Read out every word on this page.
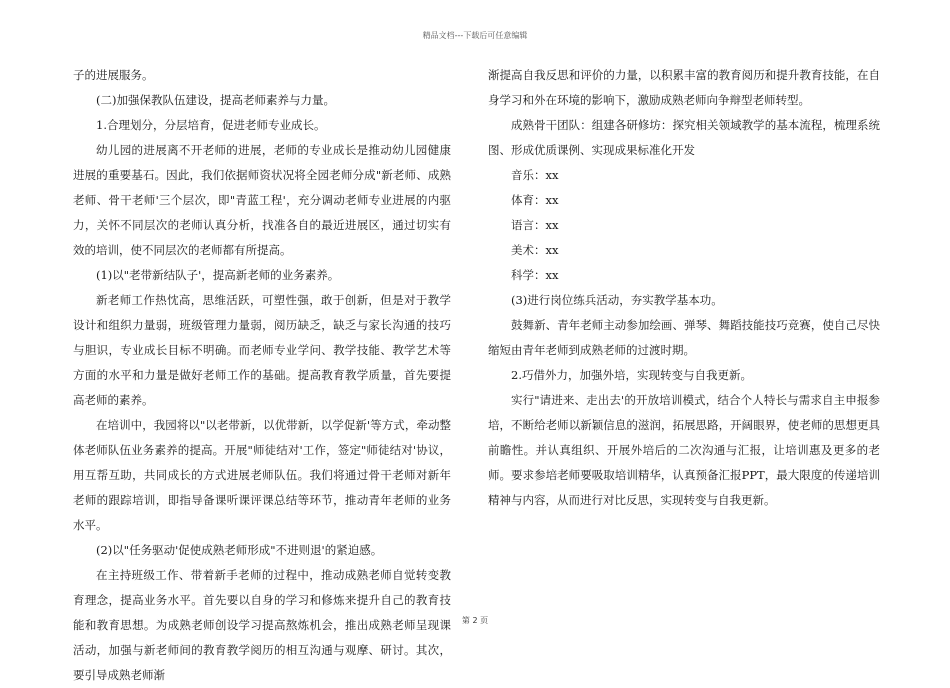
精品文档---下载后可任意编辑

子的进展服务。

(二)加强保教队伍建设，提高老师素养与力量。

1.合理划分，分层培育，促进老师专业成长。

幼儿园的进展离不开老师的进展，老师的专业成长是推动幼儿园健康进展的重要基石。因此，我们依据师资状况将全园老师分成"新老师、成熟老师、骨干老师'三个层次，即"青蓝工程'，充分调动老师专业进展的内驱力，关怀不同层次的老师认真分析，找准各自的最近进展区，通过切实有效的培训，使不同层次的老师都有所提高。

(1)以"老带新结队子'，提高新老师的业务素养。

新老师工作热忱高，思维活跃，可塑性强，敢于创新，但是对于教学设计和组织力量弱，班级管理力量弱，阅历缺乏，缺乏与家长沟通的技巧与胆识，专业成长目标不明确。而老师专业学问、教学技能、教学艺术等方面的水平和力量是做好老师工作的基础。提高教育教学质量，首先要提高老师的素养。

在培训中，我园将以"以老带新，以优带新，以学促新'等方式，牵动整体老师队伍业务素养的提高。开展"师徒结对'工作，签定"师徒结对'协议，用互帮互助，共同成长的方式进展老师队伍。我们将通过骨干老师对新年老师的跟踪培训，即指导备课听课评课总结等环节，推动青年老师的业务水平。

(2)以"任务驱动'促使成熟老师形成"不进则退'的紧迫感。

在主持班级工作、带着新手老师的过程中，推动成熟老师自觉转变教育理念，提高业务水平。首先要以自身的学习和修炼来提升自己的教育技能和教育思想。为成熟老师创设学习提高熬炼机会，推出成熟老师呈现课活动，加强与新老师间的教育教学阅历的相互沟通与观摩、研讨。其次，要引导成熟老师渐

渐提高自我反思和评价的力量，以积累丰富的教育阅历和提升教育技能，在自身学习和外在环境的影响下，激励成熟老师向争辩型老师转型。

成熟骨干团队：组建各研修坊：探究相关领域教学的基本流程，梳理系统图、形成优质课例、实现成果标准化开发

音乐：xx

体育：xx

语言：xx

美术：xx

科学：xx

(3)进行岗位练兵活动，夯实教学基本功。

鼓舞新、青年老师主动参加绘画、弹琴、舞蹈技能技巧竞赛，使自己尽快缩短由青年老师到成熟老师的过渡时期。

2.巧借外力，加强外培，实现转变与自我更新。

实行"请进来、走出去'的开放培训模式，结合个人特长与需求自主申报参培，不断给老师以新颖信息的滋润，拓展思路，开阔眼界，使老师的思想更具前瞻性。并认真组织、开展外培后的二次沟通与汇报，让培训惠及更多的老师。要求参培老师要吸取培训精华，认真预备汇报PPT，最大限度的传递培训精神与内容，从而进行对比反思，实现转变与自我更新。

第 2 页
